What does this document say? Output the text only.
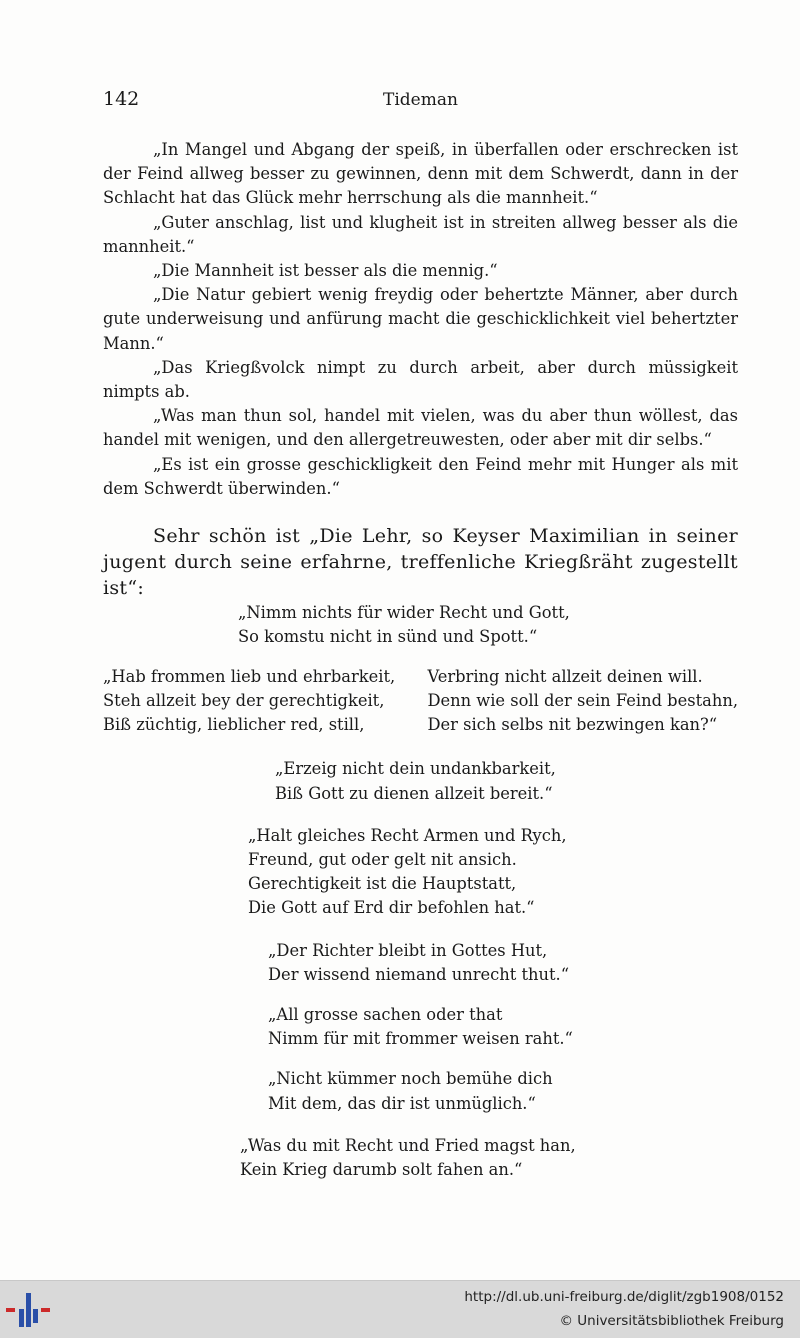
142	Tideman

„In Mangel und Abgang der speiß, in überfallen oder erschrecken ist der Feind allweg besser zu gewinnen, denn mit dem Schwerdt, dann in der Schlacht hat das Glück mehr herrschung als die mannheit.“

„Guter anschlag, list und klugheit ist in streiten allweg besser als die mannheit.“

„Die Mannheit ist besser als die mennig.“

„Die Natur gebiert wenig freydig oder behertzte Männer, aber durch gute underweisung und anfürung macht die geschicklichkeit viel behertzter Mann.“

„Das Kriegßvolck nimpt zu durch arbeit, aber durch müssigkeit nimpts ab.

„Was man thun sol, handel mit vielen, was du aber thun wöllest, das handel mit wenigen, und den allergetreuwesten, oder aber mit dir selbs.“

„Es ist ein grosse geschickligkeit den Feind mehr mit Hunger als mit dem Schwerdt überwinden.“

Sehr schön ist „Die Lehr, so Keyser Maximilian in seiner jugent durch seine erfahrne, treffenliche Kriegßräht zugestellt ist“:

„Nimm nichts für wider Recht und Gott,
So komstu nicht in sünd und Spott.“
„Hab frommen lieb und ehrbarkeit,
Steh allzeit bey der gerechtigkeit,
Biß züchtig, lieblicher red, still,
Verbring nicht allzeit deinen will.
Denn wie soll der sein Feind bestahn,
Der sich selbs nit bezwingen kan?“
„Erzeig nicht dein undankbarkeit,
Biß Gott zu dienen allzeit bereit.“
„Halt gleiches Recht Armen und Rych,
Freund, gut oder gelt nit ansich.
Gerechtigkeit ist die Hauptstatt,
Die Gott auf Erd dir befohlen hat.“
„Der Richter bleibt in Gottes Hut,
Der wissend niemand unrecht thut.“
„All grosse sachen oder that
Nimm für mit frommer weisen raht.“
„Nicht kümmer noch bemühe dich
Mit dem, das dir ist unmüglich.“
„Was du mit Recht und Fried magst han,
Kein Krieg darumb solt fahen an.“
http://dl.ub.uni-freiburg.de/diglit/zgb1908/0152
© Universitätsbibliothek Freiburg
